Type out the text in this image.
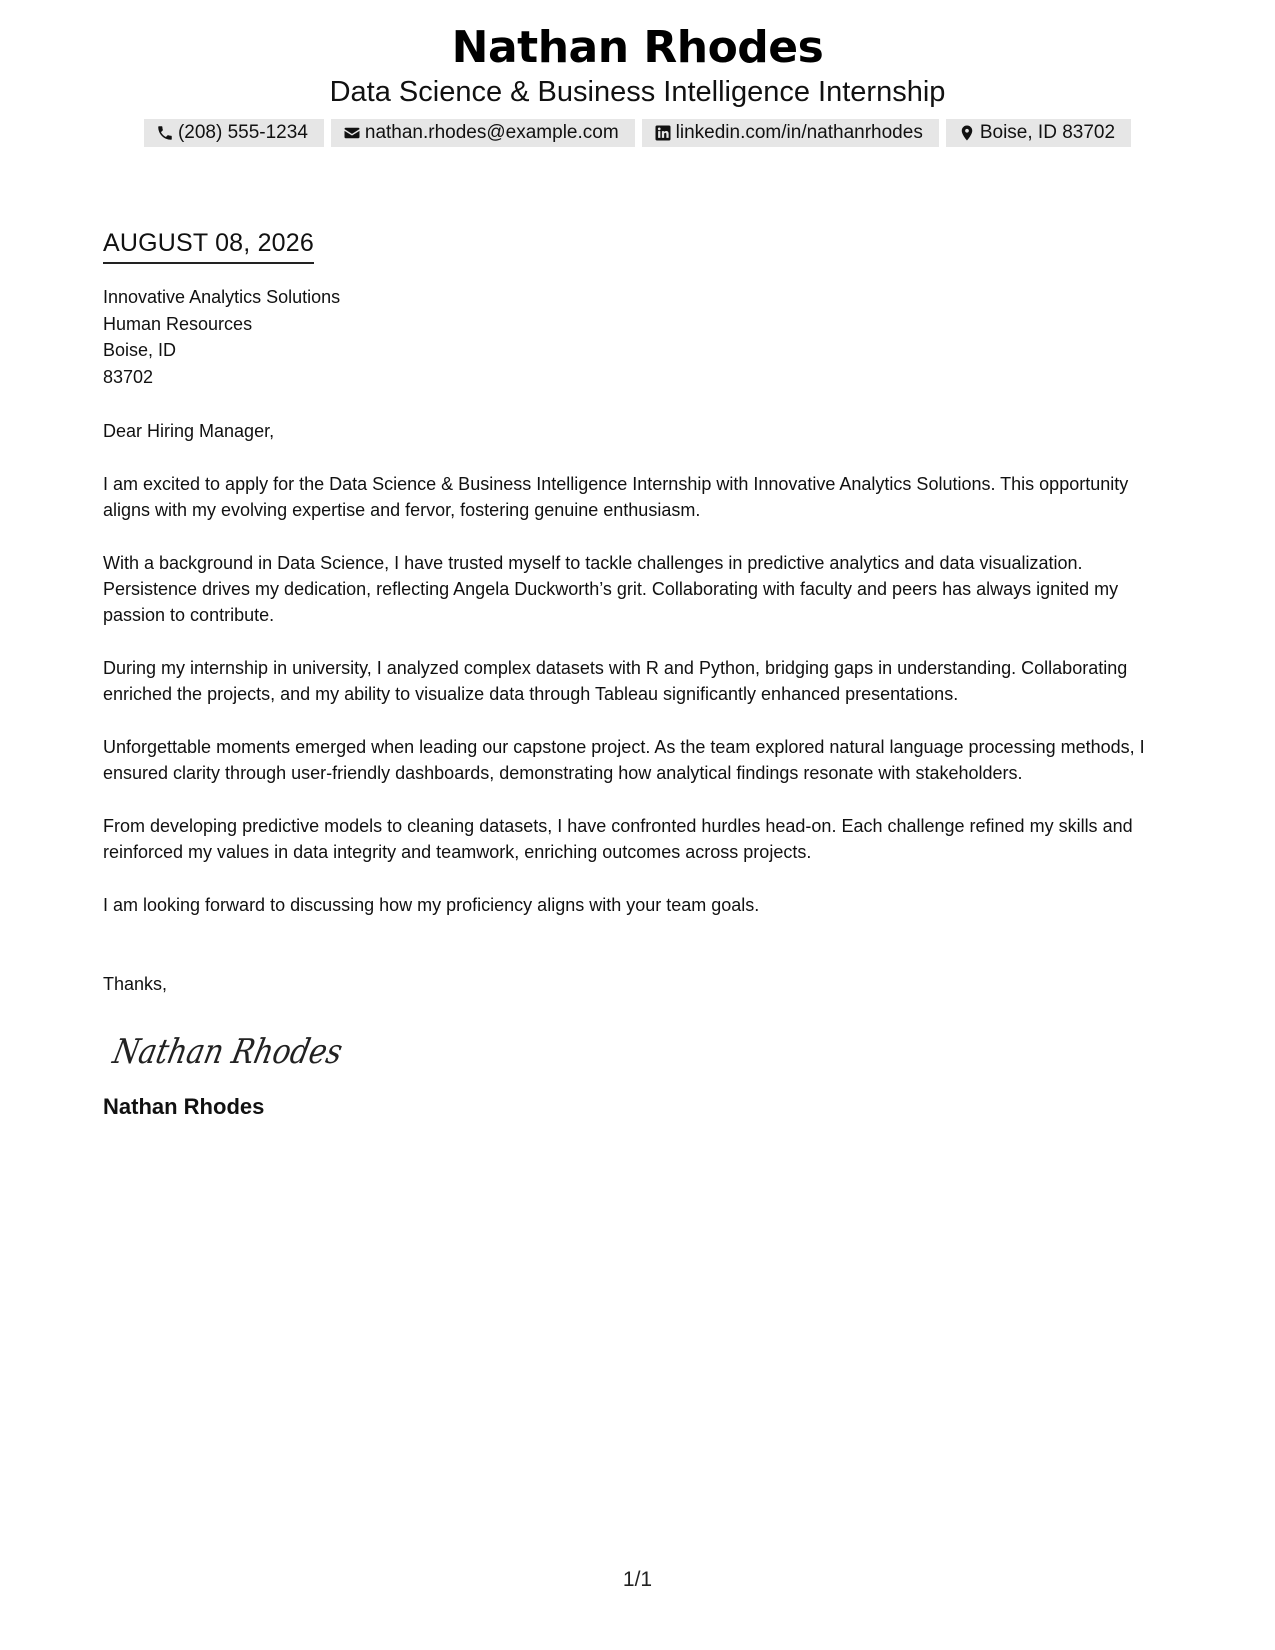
Nathan Rhodes

Data Science & Business Intelligence Internship

(208) 555-1234	nathan.rhodes@example.com	linkedin.com/in/nathanrhodes	Boise, ID 83702
AUGUST 08, 2026
Innovative Analytics Solutions
Human Resources
Boise, ID
83702
Dear Hiring Manager,
I am excited to apply for the Data Science & Business Intelligence Internship with Innovative Analytics Solutions. This opportunity aligns with my evolving expertise and fervor, fostering genuine enthusiasm.
With a background in Data Science, I have trusted myself to tackle challenges in predictive analytics and data visualization. Persistence drives my dedication, reflecting Angela Duckworth’s grit. Collaborating with faculty and peers has always ignited my passion to contribute.
During my internship in university, I analyzed complex datasets with R and Python, bridging gaps in understanding. Collaborating enriched the projects, and my ability to visualize data through Tableau significantly enhanced presentations.
Unforgettable moments emerged when leading our capstone project. As the team explored natural language processing methods, I ensured clarity through user-friendly dashboards, demonstrating how analytical findings resonate with stakeholders.
From developing predictive models to cleaning datasets, I have confronted hurdles head-on. Each challenge refined my skills and reinforced my values in data integrity and teamwork, enriching outcomes across projects.
I am looking forward to discussing how my proficiency aligns with your team goals.
Thanks,
Nathan Rhodes
Nathan Rhodes
1/1
